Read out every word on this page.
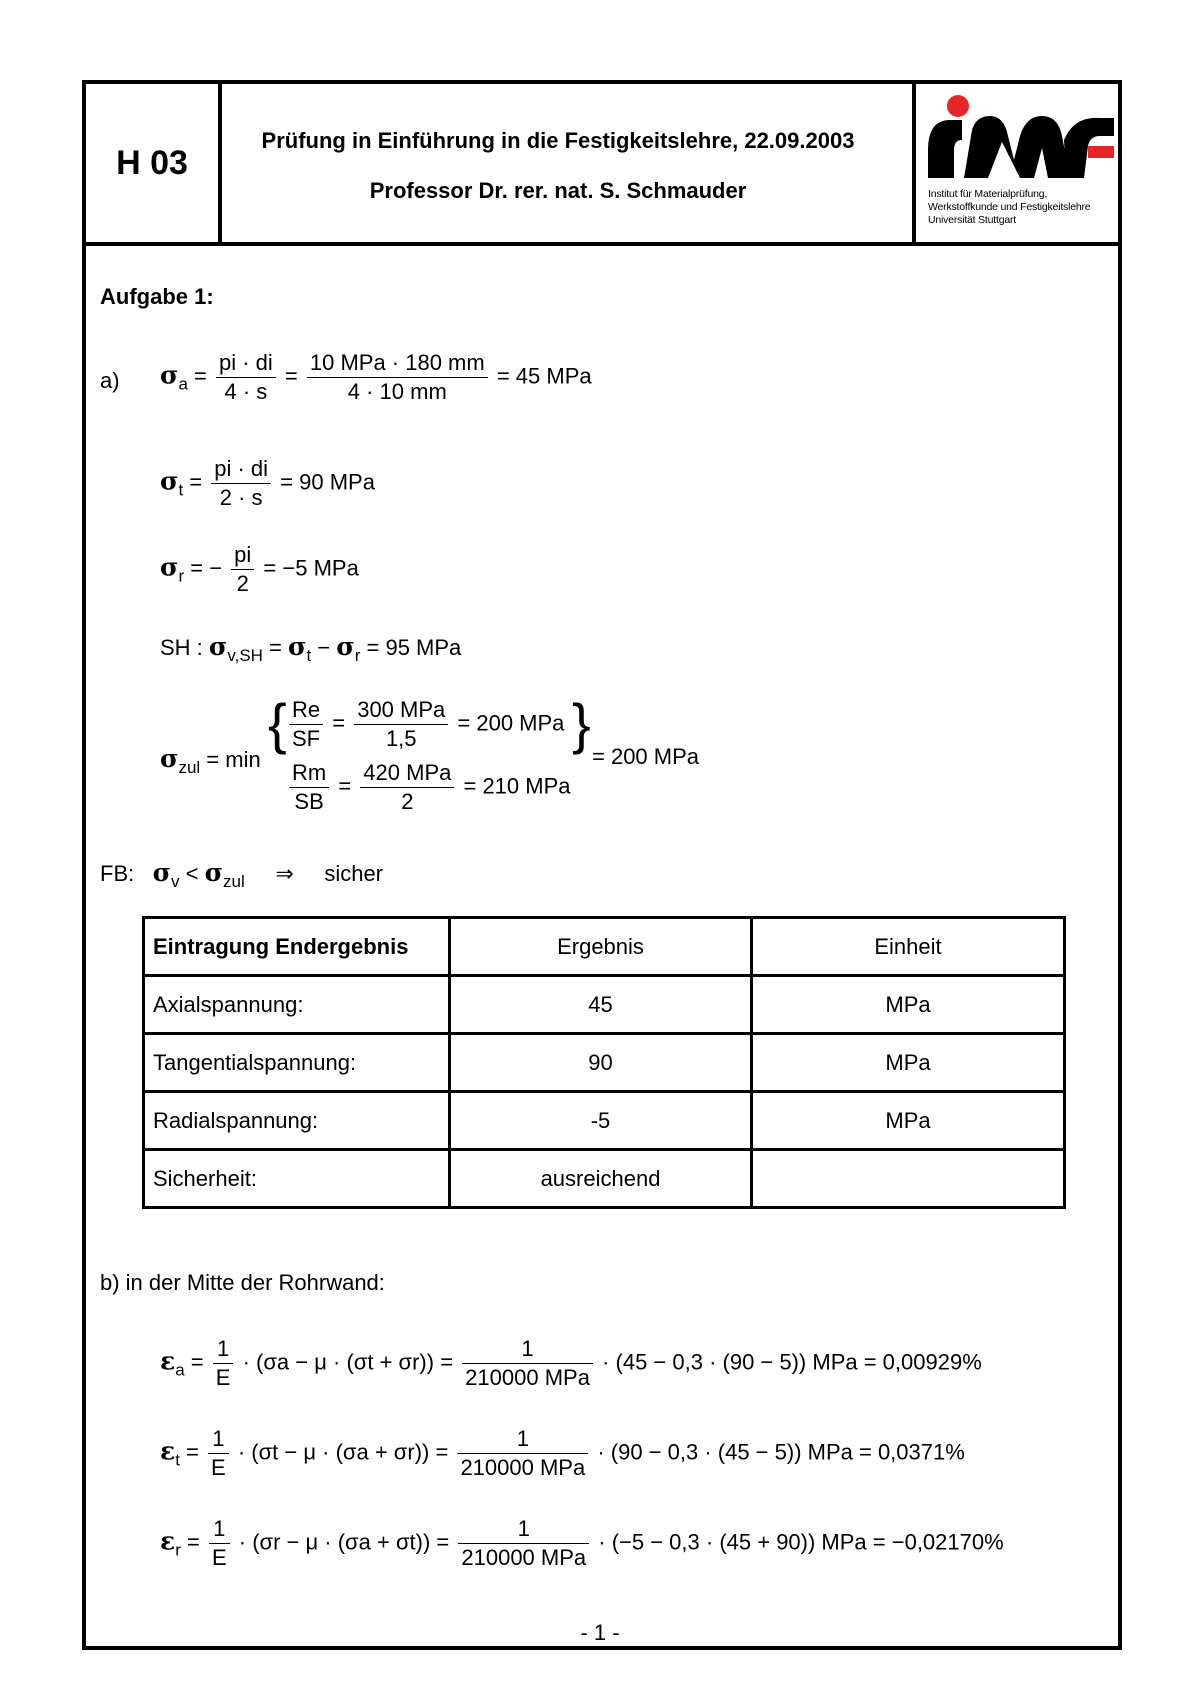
H 03
Prüfung in Einführung in die Festigkeitslehre, 22.09.2003
Professor Dr. rer. nat. S. Schmauder	Institut für Materialprüfung,
Werkstoffkunde und Festigkeitslehre
Universität Stuttgart
Aufgabe 1:
a) $\sigma_a = \frac{pi \cdot di}{4 \cdot s} = \frac{\text{10 MPa · 180 mm}}{4 \cdot 10 mm} = 45$ MPa
$\sigma_t = \frac{pi \cdot di}{2 \cdot s} = 90$ MPa
$\sigma_r$ = − $\frac{pi}{2} = -5$ MPa
SH : $\sigma_{v,SH} = \sigma_t - \sigma_r = 95$ MPa
$\sigma_{zul} = \min$
{ $\frac{Re}{SF} = \frac{\text{300 MPa}}{1,5} = 200$ MPa
$\frac{Rm}{SB} = \frac{\text{420 MPa}}{2} = 210$ MPa
}
= 200 MPa
FB: $\sigma_v < \sigma_{zul}$ ⇒ sicher
Eintragung Endergebnis	Ergebnis	Einheit
Axialspannung:	45	MPa
Tangentialspannung:	90	MPa
Radialspannung:	-5	MPa
Sicherheit:	ausreichend	
b) in der Mitte der Rohrwand:
$\varepsilon_a = \frac{1}{E} \cdot (\sigma a - \mu \cdot (\sigma t + \sigma r)) = \frac{1}{\text{210000 MPa}} \cdot (45 - 0,3 \cdot (90 - 5))$ MPa = 0,00929%
$\varepsilon_t = \frac{1}{E} \cdot (\sigma t - \mu \cdot (\sigma a + \sigma r)) = \frac{1}{\text{210000 MPa}} \cdot (90 - 0,3 \cdot (45 - 5))$ MPa = 0,0371%
$\varepsilon_r = \frac{1}{E} \cdot (\sigma r - \mu \cdot (\sigma a + \sigma t)) = \frac{1}{\text{210000 MPa}} \cdot (-5 - 0,3 \cdot (45 + 90))$ MPa = −0,02170%
- 1 -
